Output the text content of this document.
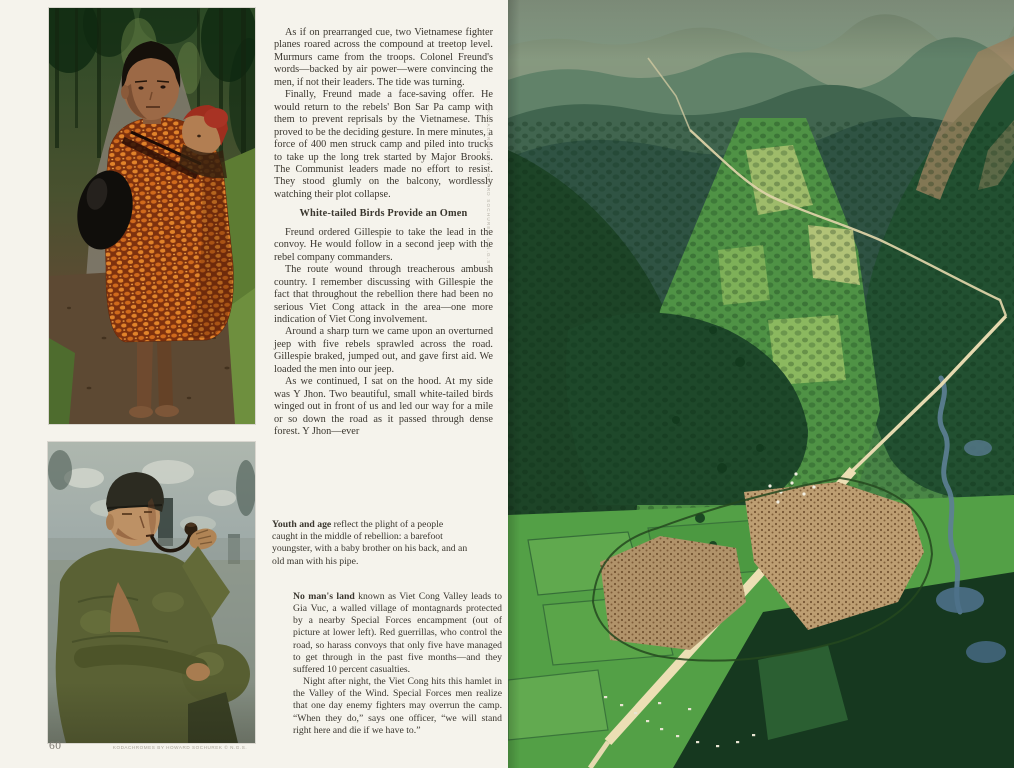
As if on prearranged cue, two Vietnamese fighter planes roared across the compound at treetop level. Murmurs came from the troops. Colonel Freund's words—backed by air power—were convincing the men, if not their leaders. The tide was turning.

Finally, Freund made a face-saving offer. He would return to the rebels' Bon Sar Pa camp with them to prevent reprisals by the Vietnamese. This proved to be the deciding gesture. In mere minutes, a force of 400 men struck camp and piled into trucks to take up the long trek started by Major Brooks. The Communist leaders made no effort to resist. They stood glumly on the balcony, wordlessly watching their plot collapse.

White-tailed Birds Provide an Omen

Freund ordered Gillespie to take the lead in the convoy. He would follow in a second jeep with the rebel company commanders.

The route wound through treacherous ambush country. I remember discussing with Gillespie the fact that throughout the rebellion there had been no serious Viet Cong attack in the area—one more indication of Viet Cong involvement.

Around a sharp turn we came upon an overturned jeep with five rebels sprawled across the road. Gillespie braked, jumped out, and gave first aid. We loaded the men into our jeep.

As we continued, I sat on the hood. At my side was Y Jhon. Two beautiful, small white-tailed birds winged out in front of us and led our way for a mile or so down the road as it passed through dense forest. Y Jhon—ever

Youth and age reflect the plight of a people caught in the middle of rebellion: a barefoot youngster, with a baby brother on his back, and an old man with his pipe.

No man's land known as Viet Cong Valley leads to Gia Vuc, a walled village of montagnards protected by a nearby Special Forces encampment (out of picture at lower left). Red guerrillas, who control the road, so harass convoys that only five have managed to get through in the past five months—and they suffered 10 percent casualties.

Night after night, the Viet Cong hits this hamlet in the Valley of the Wind. Special Forces men realize that one day enemy fighters may overrun the camp. “When they do,” says one officer, “we will stand right here and die if we have to.”

60	KODACHROMES BY HOWARD SOCHUREK © N.G.S.
KODACHROME BY HOWARD SOCHUREK © N.G.S.
